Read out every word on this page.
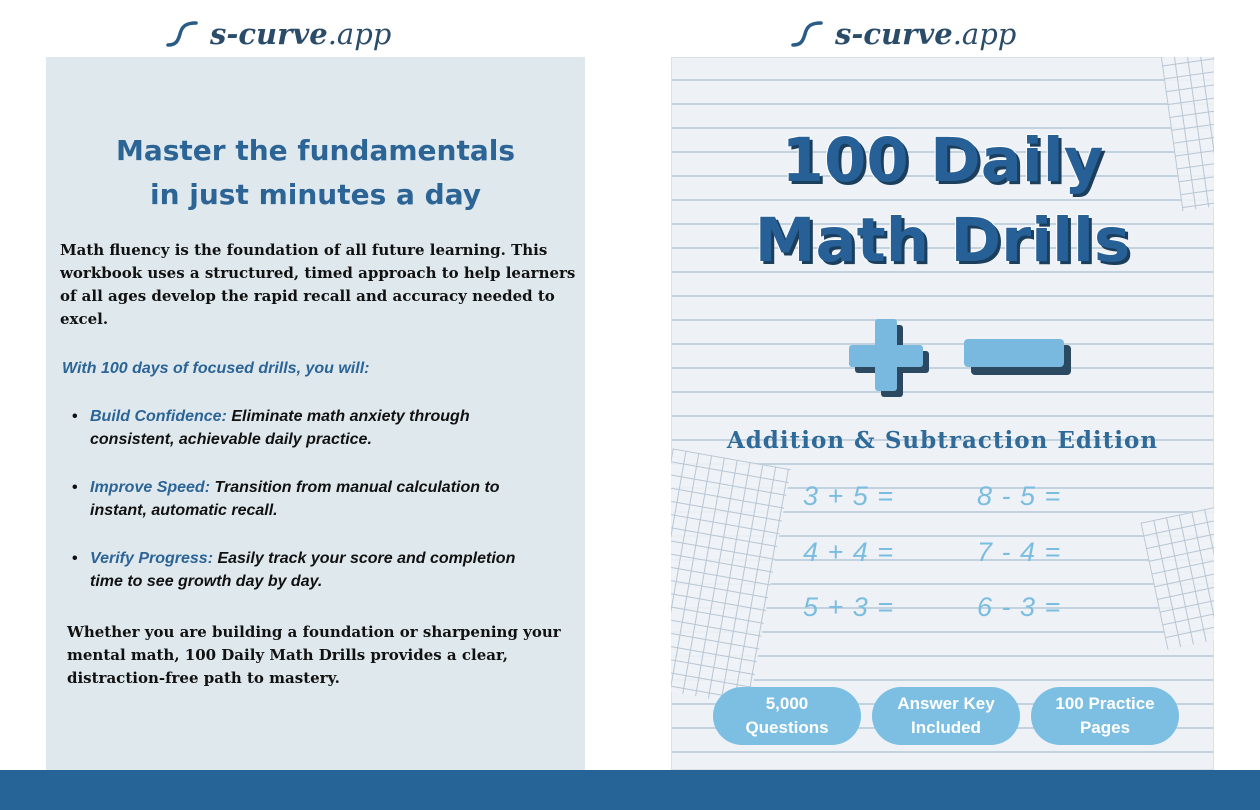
s-curve.app	s-curve.app
Master the fundamentals
in just minutes a day
Math fluency is the foundation of all future learning. This workbook uses a structured, timed approach to help learners of all ages develop the rapid recall and accuracy needed to excel.
With 100 days of focused drills, you will:
• Build Confidence: Eliminate math anxiety through consistent, achievable daily practice.
• Improve Speed: Transition from manual calculation to instant, automatic recall.
• Verify Progress: Easily track your score and completion time to see growth day by day.
Whether you are building a foundation or sharpening your mental math, 100 Daily Math Drills provides a clear, distraction-free path to mastery.
100 Daily
Math Drills
Addition & Subtraction Edition
3 + 5 =	8 - 5 =
4 + 4 =	7 - 4 =
5 + 3 =	6 - 3 =
5,000
Questions
Answer Key
Included
100 Practice
Pages
